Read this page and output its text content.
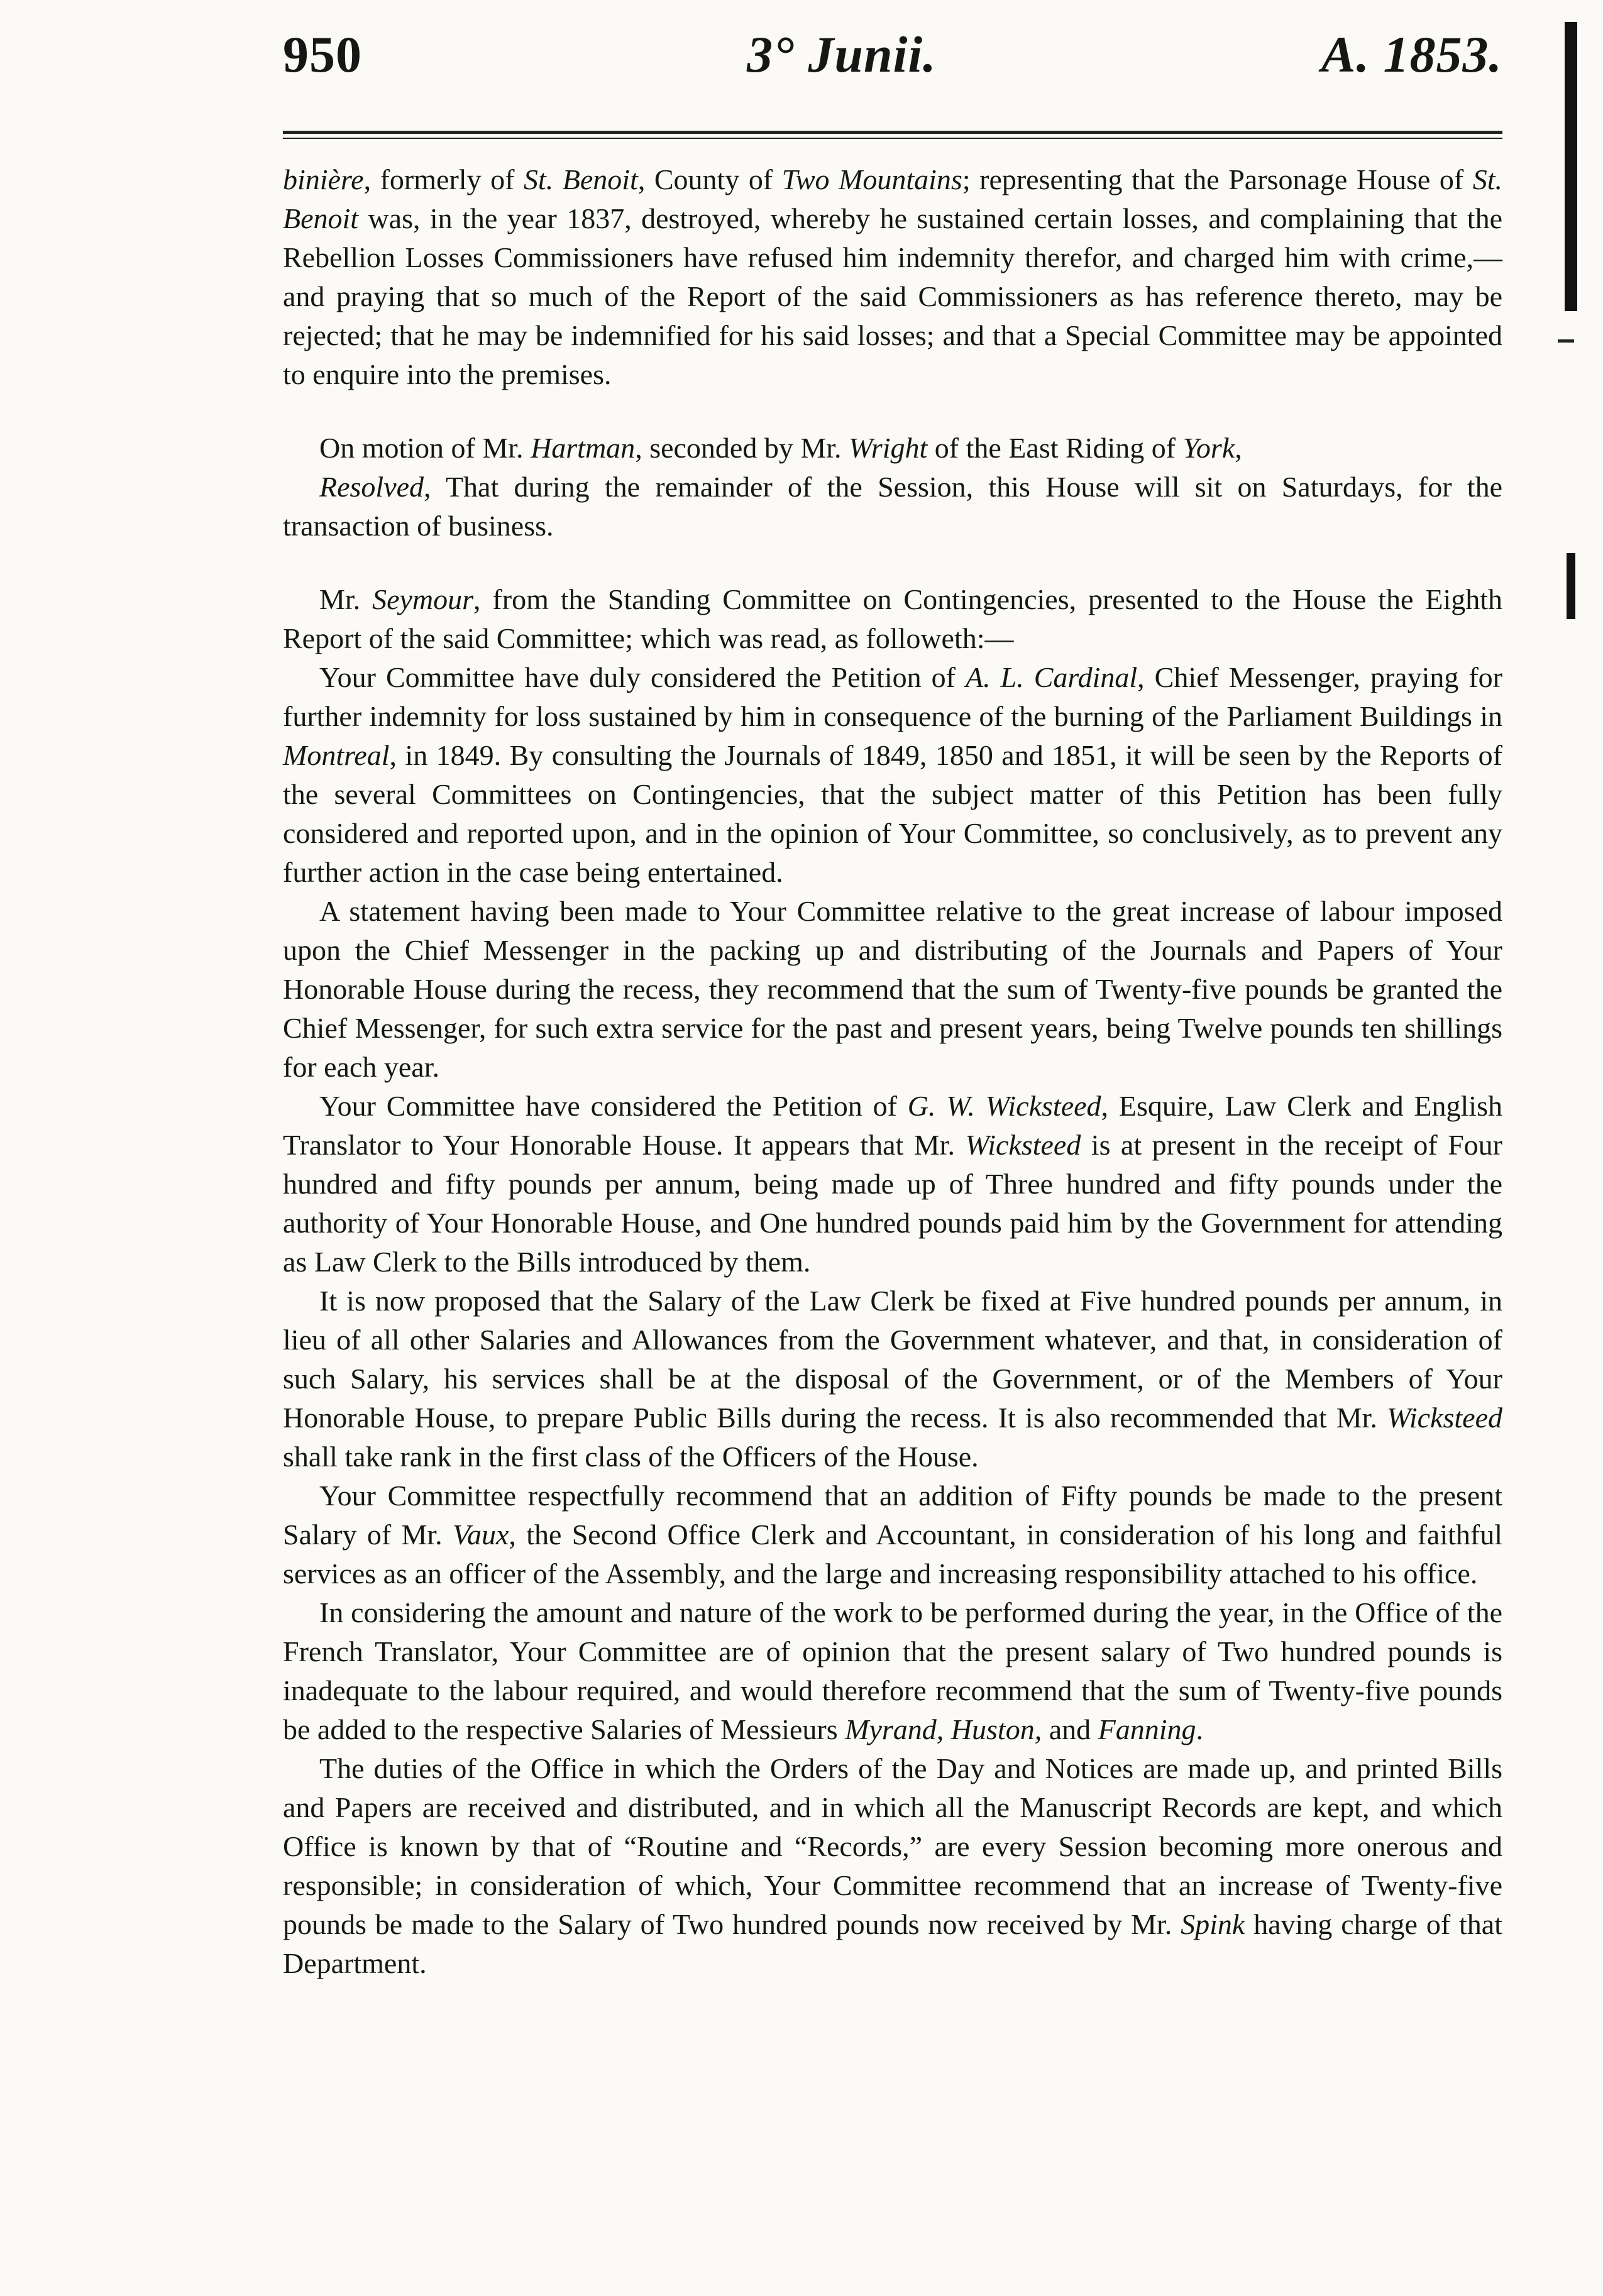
950	3° Junii.	A. 1853.

binière, formerly of St. Benoit, County of Two Mountains; representing that the Parsonage House of St. Benoit was, in the year 1837, destroyed, whereby he sustained certain losses, and complaining that the Rebellion Losses Commissioners have refused him indemnity therefor, and charged him with crime,—and praying that so much of the Report of the said Commissioners as has reference thereto, may be rejected; that he may be indemnified for his said losses; and that a Special Committee may be appointed to enquire into the premises.

On motion of Mr. Hartman, seconded by Mr. Wright of the East Riding of York,

Resolved, That during the remainder of the Session, this House will sit on Saturdays, for the transaction of business.

Mr. Seymour, from the Standing Committee on Contingencies, presented to the House the Eighth Report of the said Committee; which was read, as followeth:—

Your Committee have duly considered the Petition of A. L. Cardinal, Chief Messenger, praying for further indemnity for loss sustained by him in consequence of the burning of the Parliament Buildings in Montreal, in 1849. By consulting the Journals of 1849, 1850 and 1851, it will be seen by the Reports of the several Committees on Contingencies, that the subject matter of this Petition has been fully considered and reported upon, and in the opinion of Your Committee, so conclusively, as to prevent any further action in the case being entertained.

A statement having been made to Your Committee relative to the great increase of labour imposed upon the Chief Messenger in the packing up and distributing of the Journals and Papers of Your Honorable House during the recess, they recommend that the sum of Twenty-five pounds be granted the Chief Messenger, for such extra service for the past and present years, being Twelve pounds ten shillings for each year.

Your Committee have considered the Petition of G. W. Wicksteed, Esquire, Law Clerk and English Translator to Your Honorable House. It appears that Mr. Wicksteed is at present in the receipt of Four hundred and fifty pounds per annum, being made up of Three hundred and fifty pounds under the authority of Your Honorable House, and One hundred pounds paid him by the Government for attending as Law Clerk to the Bills introduced by them.

It is now proposed that the Salary of the Law Clerk be fixed at Five hundred pounds per annum, in lieu of all other Salaries and Allowances from the Government whatever, and that, in consideration of such Salary, his services shall be at the disposal of the Government, or of the Members of Your Honorable House, to prepare Public Bills during the recess. It is also recommended that Mr. Wicksteed shall take rank in the first class of the Officers of the House.

Your Committee respectfully recommend that an addition of Fifty pounds be made to the present Salary of Mr. Vaux, the Second Office Clerk and Accountant, in consideration of his long and faithful services as an officer of the Assembly, and the large and increasing responsibility attached to his office.

In considering the amount and nature of the work to be performed during the year, in the Office of the French Translator, Your Committee are of opinion that the present salary of Two hundred pounds is inadequate to the labour required, and would therefore recommend that the sum of Twenty-five pounds be added to the respective Salaries of Messieurs Myrand, Huston, and Fanning.

The duties of the Office in which the Orders of the Day and Notices are made up, and printed Bills and Papers are received and distributed, and in which all the Manuscript Records are kept, and which Office is known by that of “Routine and “Records,” are every Session becoming more onerous and responsible; in consideration of which, Your Committee recommend that an increase of Twenty-five pounds be made to the Salary of Two hundred pounds now received by Mr. Spink having charge of that Department.
